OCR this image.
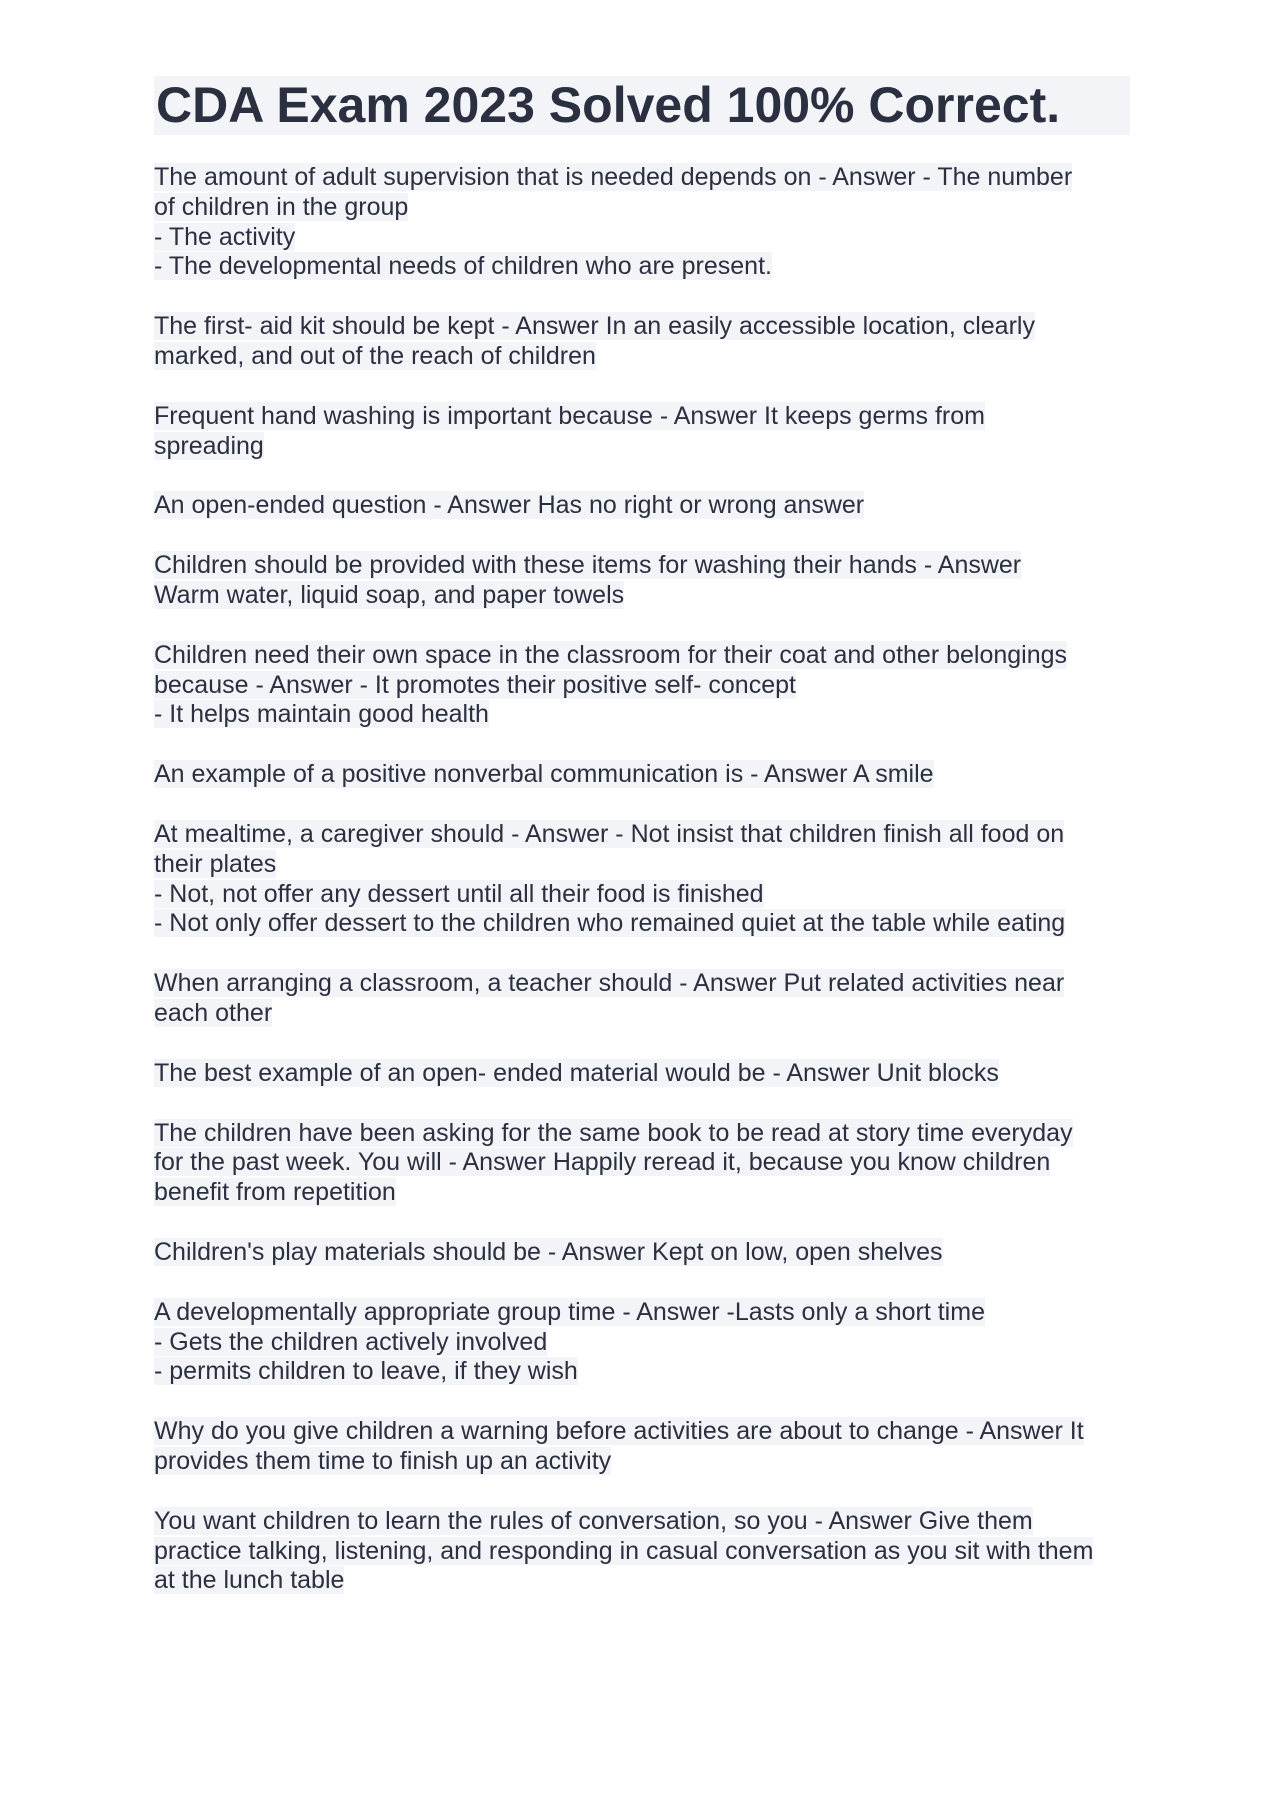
CDA Exam 2023 Solved 100% Correct.
The amount of adult supervision that is needed depends on - Answer - The number
of children in the group
- The activity
- The developmental needs of children who are present.
The first- aid kit should be kept - Answer In an easily accessible location, clearly
marked, and out of the reach of children
Frequent hand washing is important because - Answer It keeps germs from
spreading
An open-ended question - Answer Has no right or wrong answer
Children should be provided with these items for washing their hands - Answer
Warm water, liquid soap, and paper towels
Children need their own space in the classroom for their coat and other belongings
because - Answer - It promotes their positive self- concept
- It helps maintain good health
An example of a positive nonverbal communication is - Answer A smile
At mealtime, a caregiver should - Answer - Not insist that children finish all food on
their plates
- Not, not offer any dessert until all their food is finished
- Not only offer dessert to the children who remained quiet at the table while eating
When arranging a classroom, a teacher should - Answer Put related activities near
each other
The best example of an open- ended material would be - Answer Unit blocks
The children have been asking for the same book to be read at story time everyday
for the past week. You will - Answer Happily reread it, because you know children
benefit from repetition
Children's play materials should be - Answer Kept on low, open shelves
A developmentally appropriate group time - Answer -Lasts only a short time
- Gets the children actively involved
- permits children to leave, if they wish
Why do you give children a warning before activities are about to change - Answer It
provides them time to finish up an activity
You want children to learn the rules of conversation, so you - Answer Give them
practice talking, listening, and responding in casual conversation as you sit with them
at the lunch table
